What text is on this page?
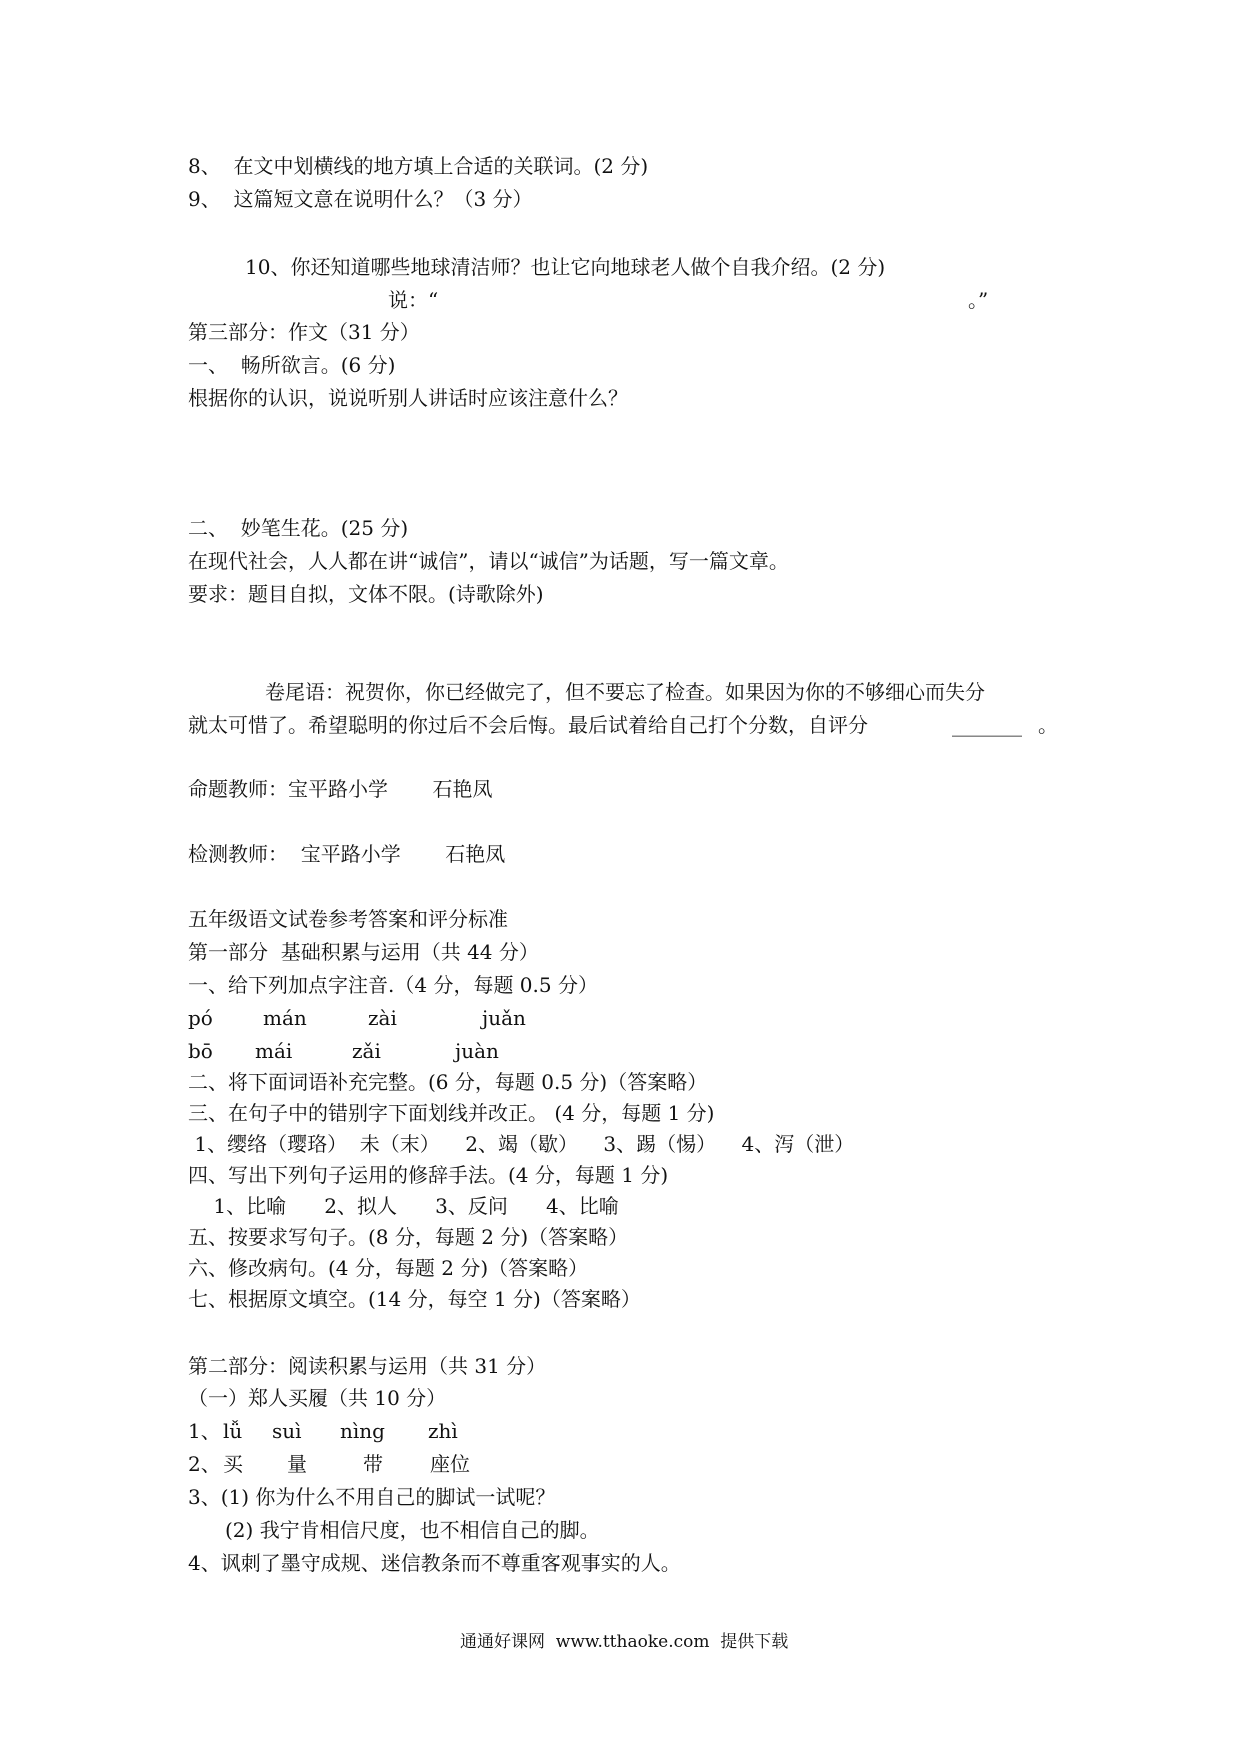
8、  在文中划横线的地方填上合适的关联词。(2 分)
9、  这篇短文意在说明什么？（3 分）
10、你还知道哪些地球清洁师？也让它向地球老人做个自我介绍。(2 分)
说：“	。”
第三部分：作文（31 分）
一、  畅所欲言。(6 分)
根据你的认识，说说听别人讲话时应该注意什么？
二、  妙笔生花。(25 分)
在现代社会，人人都在讲“诚信”，请以“诚信”为话题，写一篇文章。
要求：题目自拟，文体不限。(诗歌除外)
卷尾语：祝贺你，你已经做完了，但不要忘了检查。如果因为你的不够细心而失分
就太可惜了。希望聪明的你过后不会后悔。最后试着给自己打个分数，自评分	_______ 。
命题教师：宝平路小学       石艳凤
检测教师：  宝平路小学       石艳凤
五年级语文试卷参考答案和评分标准
第一部分  基础积累与运用（共 44 分）
一、给下列加点字注音.（4 分，每题 0.5 分）
pó	mán	zài	juǎn
bō mái	zǎi	juàn
二、将下面词语补充完整。(6 分，每题 0.5 分)（答案略）
三、在句子中的错别字下面划线并改正。 (4 分，每题 1 分)
1、缨络（璎珞）  未（末）    2、竭（歇）    3、踢（惕）    4、泻（泄）
四、写出下列句子运用的修辞手法。(4 分，每题 1 分)
1、比喻      2、拟人      3、反问      4、比喻
五、按要求写句子。(8 分，每题 2 分)（答案略）
六、修改病句。(4 分，每题 2 分)（答案略）
七、根据原文填空。(14 分，每空 1 分)（答案略）
第二部分：阅读积累与运用（共 31 分）
（一）郑人买履（共 10 分）
1、 lǚ suì nìng zhì
2、 买 量	带 座位
3、(1) 你为什么不用自己的脚试一试呢？
(2) 我宁肯相信尺度，也不相信自己的脚。
4、讽刺了墨守成规、迷信教条而不尊重客观事实的人。
通通好课网  www.tthaoke.com  提供下载
